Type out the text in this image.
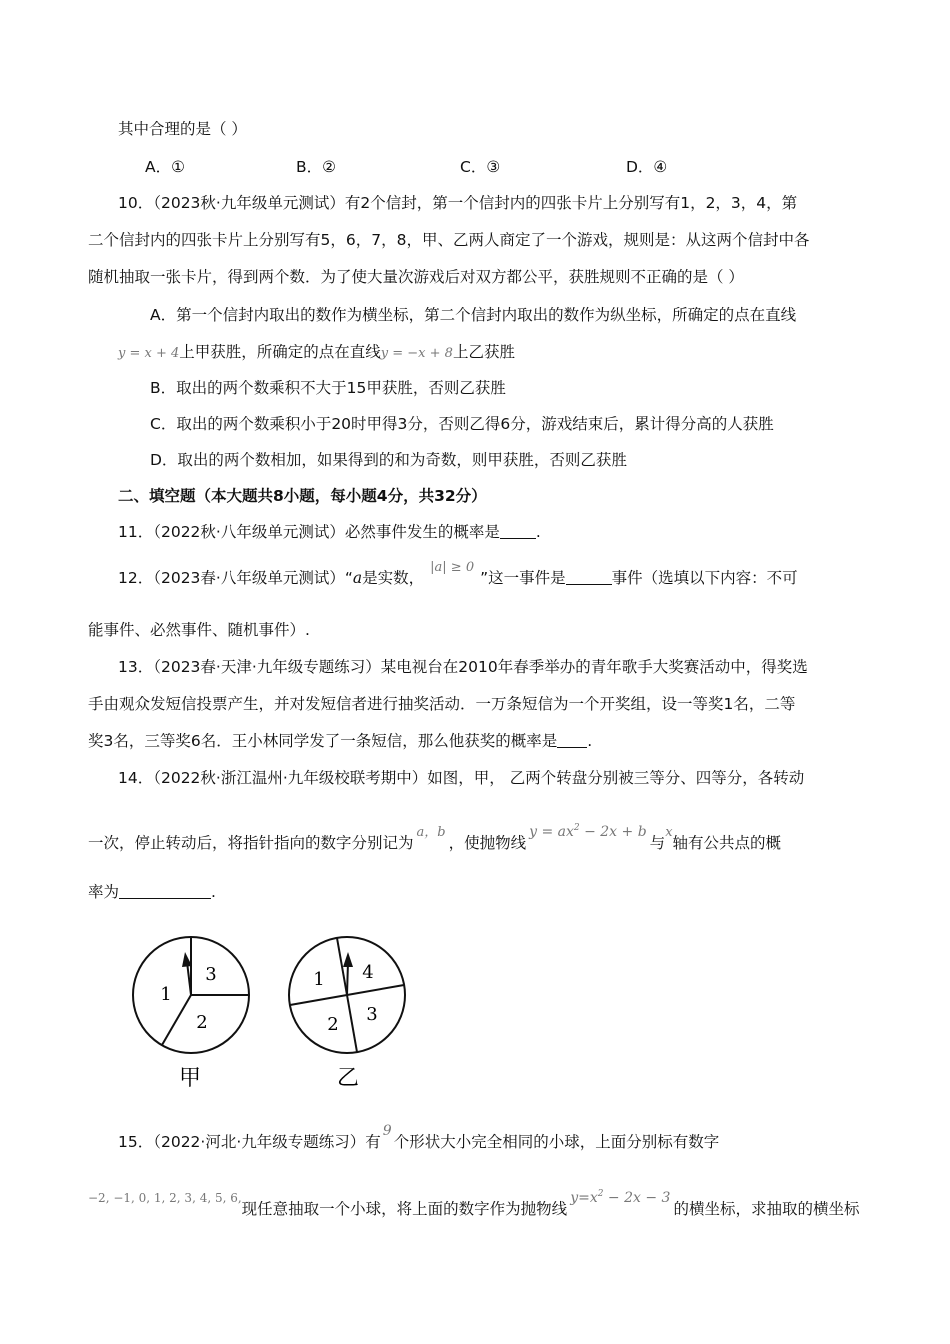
其中合理的是（ ）
A．①	B．②	C．③	D．④
10．（2023秋·九年级单元测试）有2个信封，第一个信封内的四张卡片上分别写有1，2，3，4，第
二个信封内的四张卡片上分别写有5，6，7，8，甲、乙两人商定了一个游戏，规则是：从这两个信封中各
随机抽取一张卡片，得到两个数．为了使大量次游戏后对双方都公平，获胜规则不正确的是（ ）
A．第一个信封内取出的数作为横坐标，第二个信封内取出的数作为纵坐标，所确定的点在直线
y = x + 4上甲获胜，所确定的点在直线y = −x + 8上乙获胜
B．取出的两个数乘积不大于15甲获胜，否则乙获胜
C．取出的两个数乘积小于20时甲得3分，否则乙得6分，游戏结束后，累计得分高的人获胜
D．取出的两个数相加，如果得到的和为奇数，则甲获胜，否则乙获胜
二、填空题（本大题共8小题，每小题4分，共32分）
11．（2022秋·八年级单元测试）必然事件发生的概率是 .
12．（2023春·八年级单元测试）“a是实数，$^{|a| \ge 0}$”这一事件是	事件（选填以下内容：不可
能事件、必然事件、随机事件）.
13．（2023春·天津·九年级专题练习）某电视台在2010年春季举办的青年歌手大奖赛活动中，得奖选
手由观众发短信投票产生，并对发短信者进行抽奖活动．一万条短信为一个开奖组，设一等奖1名，二等
奖3名，三等奖6名．王小林同学发了一条短信，那么他获奖的概率是 .
14．（2022秋·浙江温州·九年级校联考期中）如图，甲， 乙两个转盘分别被三等分、四等分，各转动
一次，停止转动后，将指针指向的数字分别记为$^{a,b}$，使抛物线$y = ax^2 - 2x + b$与$^x$轴有公共点的概
率为	.
3
1
2
甲
1 4
2 3
乙
15．（2022·河北·九年级专题练习）有9个形状大小完全相同的小球，上面分别标有数字
$^{-2, -1, 0, 1, 2, 3, 4, 5, 6,}$现任意抽取一个小球，将上面的数字作为抛物线$y=x^2 - 2x - 3$的横坐标，求抽取的横坐标
